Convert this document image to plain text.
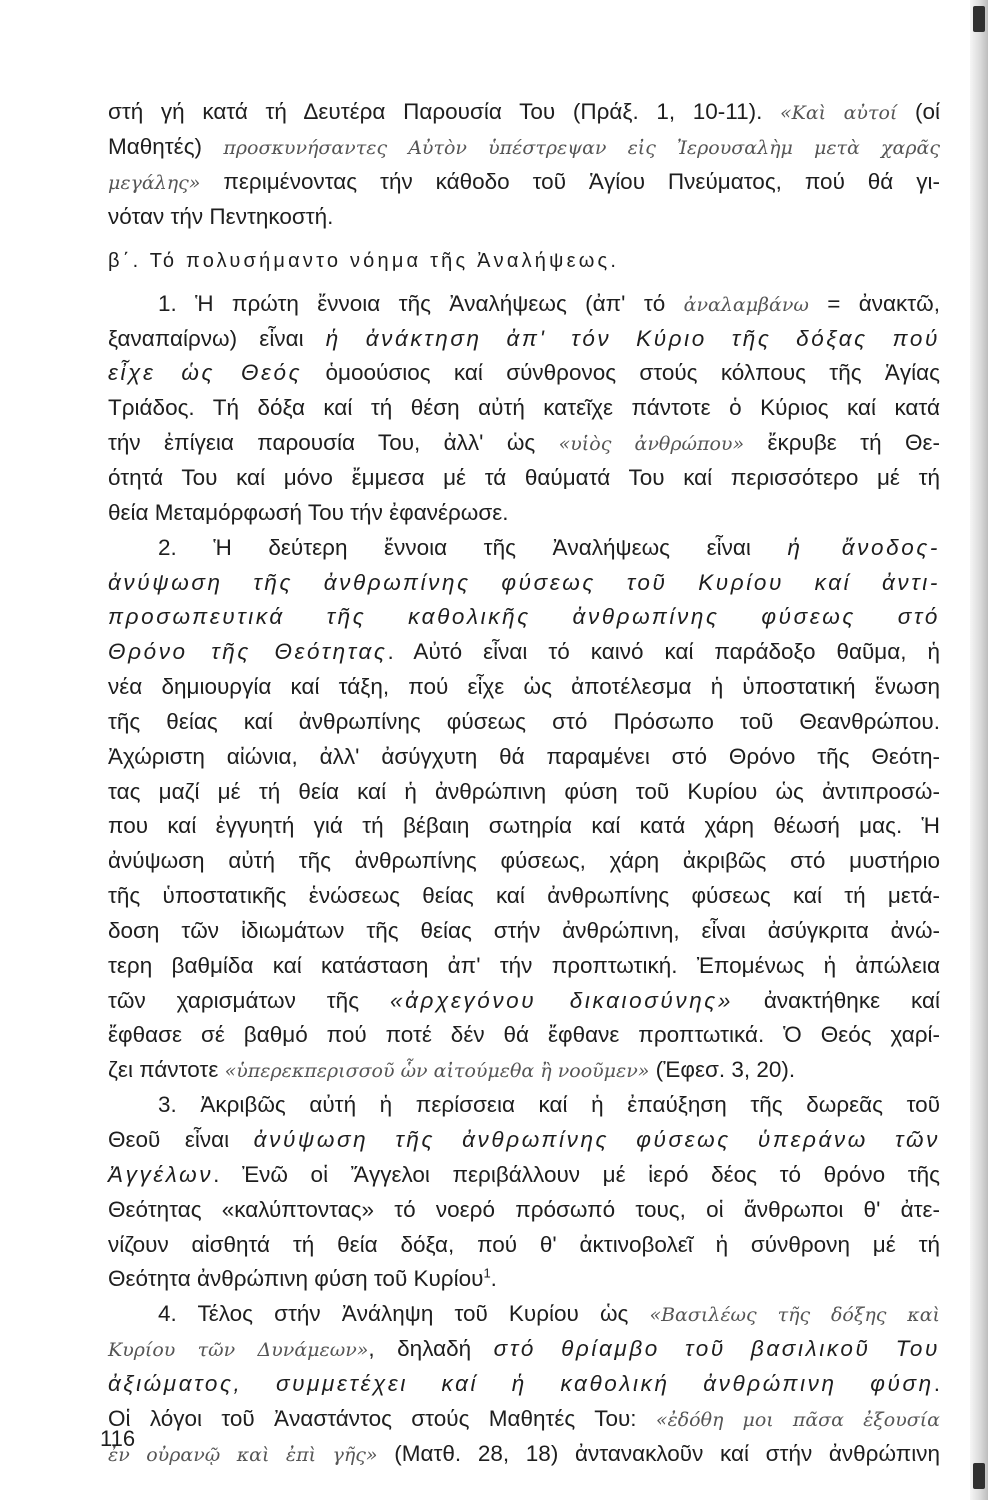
στή γή κατά τή Δευτέρα Παρουσία Του (Πράξ. 1, 10-11). «Καὶ αὐτοί (οί
Μαθητές) προσκυνήσαντες Αὐτὸν ὑπέστρεψαν εἰς Ἰερουσαλὴμ μετὰ χαρᾶς
μεγάλης» περιμένοντας τήν κάθοδο τοῦ Ἁγίου Πνεύματος, πού θά γι-
νόταν τήν Πεντηκοστή.
β΄. Τό πολυσήμαντο νόημα τῆς Ἀναλήψεως.
1. Ἡ πρώτη ἔννοια τῆς Ἀναλήψεως (ἀπ' τό ἀναλαμβάνω = ἀνακτῶ,
ξαναπαίρνω) εἶναι ἡ ἀνάκτηση ἀπ' τόν Κύριο τῆς δόξας πού
εἶχε ὡς Θεός ὁμοούσιος καί σύνθρονος στούς κόλπους τῆς Ἁγίας
Τριάδος. Τή δόξα καί τή θέση αὐτή κατεῖχε πάντοτε ὁ Κύριος καί κατά
τήν ἐπίγεια παρουσία Του, ἀλλ' ὡς «υἱὸς ἀνθρώπου» ἔκρυβε τή Θε-
ότητά Του καί μόνο ἔμμεσα μέ τά θαύματά Του καί περισσότερο μέ τή
θεία Μεταμόρφωσή Του τήν ἐφανέρωσε.
2. Ἡ δεύτερη ἔννοια τῆς Ἀναλήψεως εἶναι ἡ ἄνοδος-
ἀνύψωση τῆς ἀνθρωπίνης φύσεως τοῦ Κυρίου καί ἀντι-
προσωπευτικά τῆς καθολικῆς ἀνθρωπίνης φύσεως στό
Θρόνο τῆς Θεότητας. Αὐτό εἶναι τό καινό καί παράδοξο θαῦμα, ἡ
νέα δημιουργία καί τάξη, πού εἶχε ὡς ἀποτέλεσμα ἡ ὑποστατική ἕνωση
τῆς θείας καί ἀνθρωπίνης φύσεως στό Πρόσωπο τοῦ Θεανθρώπου.
Ἀχώριστη αἰώνια, ἀλλ' ἀσύγχυτη θά παραμένει στό Θρόνο τῆς Θεότη-
τας μαζί μέ τή θεία καί ἡ ἀνθρώπινη φύση τοῦ Κυρίου ὡς ἀντιπροσώ-
που καί ἐγγυητή γιά τή βέβαιη σωτηρία καί κατά χάρη θέωσή μας. Ἡ
ἀνύψωση αὐτή τῆς ἀνθρωπίνης φύσεως, χάρη ἀκριβῶς στό μυστήριο
τῆς ὑποστατικῆς ἑνώσεως θείας καί ἀνθρωπίνης φύσεως καί τή μετά-
δοση τῶν ἰδιωμάτων τῆς θείας στήν ἀνθρώπινη, εἶναι ἀσύγκριτα ἀνώ-
τερη βαθμίδα καί κατάσταση ἀπ' τήν προπτωτική. Ἐπομένως ἡ ἀπώλεια
τῶν χαρισμάτων τῆς «ἀρχεγόνου δικαιοσύνης» ἀνακτήθηκε καί
ἔφθασε σέ βαθμό πού ποτέ δέν θά ἔφθανε προπτωτικά. Ὁ Θεός χαρί-
ζει πάντοτε «ὑπερεκπερισσοῦ ὧν αἰτούμεθα ἢ νοοῦμεν» (Ἐφεσ. 3, 20).
3. Ἀκριβῶς αὐτή ἡ περίσσεια καί ἡ ἐπαύξηση τῆς δωρεᾶς τοῦ
Θεοῦ εἶναι ἀνύψωση τῆς ἀνθρωπίνης φύσεως ὑπεράνω τῶν
Ἀγγέλων. Ἐνῶ οἱ Ἄγγελοι περιβάλλουν μέ ἱερό δέος τό θρόνο τῆς
Θεότητας «καλύπτοντας» τό νοερό πρόσωπό τους, οἱ ἄνθρωποι θ' ἀτε-
νίζουν αἰσθητά τή θεία δόξα, πού θ' ἀκτινοβολεῖ ἡ σύνθρονη μέ τή
Θεότητα ἀνθρώπινη φύση τοῦ Κυρίου$^1$.
4. Τέλος στήν Ἀνάληψη τοῦ Κυρίου ὡς «Βασιλέως τῆς δόξης καὶ
Κυρίου τῶν Δυνάμεων», δηλαδή στό θρίαμβο τοῦ βασιλικοῦ Του
ἀξιώματος, συμμετέχει καί ἡ καθολική ἀνθρώπινη φύση.
Οἱ λόγοι τοῦ Ἀναστάντος στούς Μαθητές Του: «ἐδόθη μοι πᾶσα ἐξουσία
ἐν οὐρανῷ καὶ ἐπὶ γῆς» (Ματθ. 28, 18) ἀντανακλοῦν καί στήν ἀνθρώπινη
116
